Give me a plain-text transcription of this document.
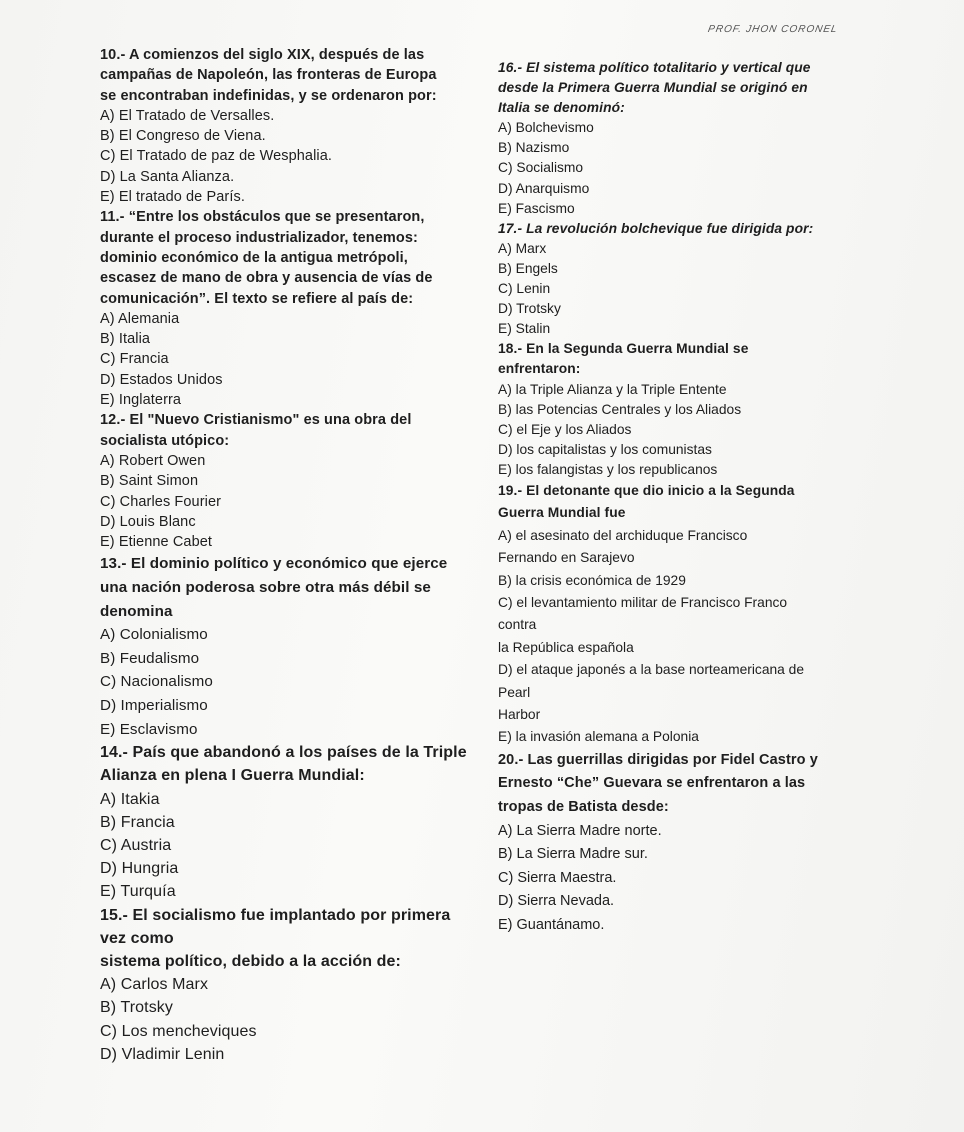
PROF. JHON CORONEL
10.- A comienzos del siglo XIX, después de las
campañas de Napoleón, las fronteras de Europa
se encontraban indefinidas, y se ordenaron por:
A) El Tratado de Versalles.
B) El Congreso de Viena.
C) El Tratado de paz de Wesphalia.
D) La Santa Alianza.
E) El tratado de París.
11.- “Entre los obstáculos que se presentaron,
durante el proceso industrializador, tenemos:
dominio económico de la antigua metrópoli,
escasez de mano de obra y ausencia de vías de
comunicación”. El texto se refiere al país de:
A) Alemania
B) Italia
C) Francia
D) Estados Unidos
E) Inglaterra
12.- El "Nuevo Cristianismo" es una obra del
socialista utópico:
A) Robert Owen
B) Saint Simon
C) Charles Fourier
D) Louis Blanc
E) Etienne Cabet
13.- El dominio político y económico que ejerce
una nación poderosa sobre otra más débil se
denomina
A) Colonialismo
B) Feudalismo
C) Nacionalismo
D) Imperialismo
E) Esclavismo
14.- País que abandonó a los países de la Triple
Alianza en plena I Guerra Mundial:
A) Itakia
B) Francia
C) Austria
D) Hungria
E) Turquía
15.- El socialismo fue implantado por primera
vez como
sistema político, debido a la acción de:
A) Carlos Marx
B) Trotsky
C) Los mencheviques
D) Vladimir Lenin
16.- El sistema político totalitario y vertical que
desde la Primera Guerra Mundial se originó en
Italia se denominó:
A) Bolchevismo
B) Nazismo
C) Socialismo
D) Anarquismo
E) Fascismo
17.- La revolución bolchevique fue dirigida por:
A) Marx
B) Engels
C) Lenin
D) Trotsky
E) Stalin
18.- En la Segunda Guerra Mundial se
enfrentaron:
A) la Triple Alianza y la Triple Entente
B) las Potencias Centrales y los Aliados
C) el Eje y los Aliados
D) los capitalistas y los comunistas
E) los falangistas y los republicanos
19.- El detonante que dio inicio a la Segunda
Guerra Mundial fue
A) el asesinato del archiduque Francisco
Fernando en Sarajevo
B) la crisis económica de 1929
C) el levantamiento militar de Francisco Franco
contra
la República española
D) el ataque japonés a la base norteamericana de
Pearl
Harbor
E) la invasión alemana a Polonia
20.- Las guerrillas dirigidas por Fidel Castro y
Ernesto “Che” Guevara se enfrentaron a las
tropas de Batista desde:
A) La Sierra Madre norte.
B) La Sierra Madre sur.
C) Sierra Maestra.
D) Sierra Nevada.
E) Guantánamo.
